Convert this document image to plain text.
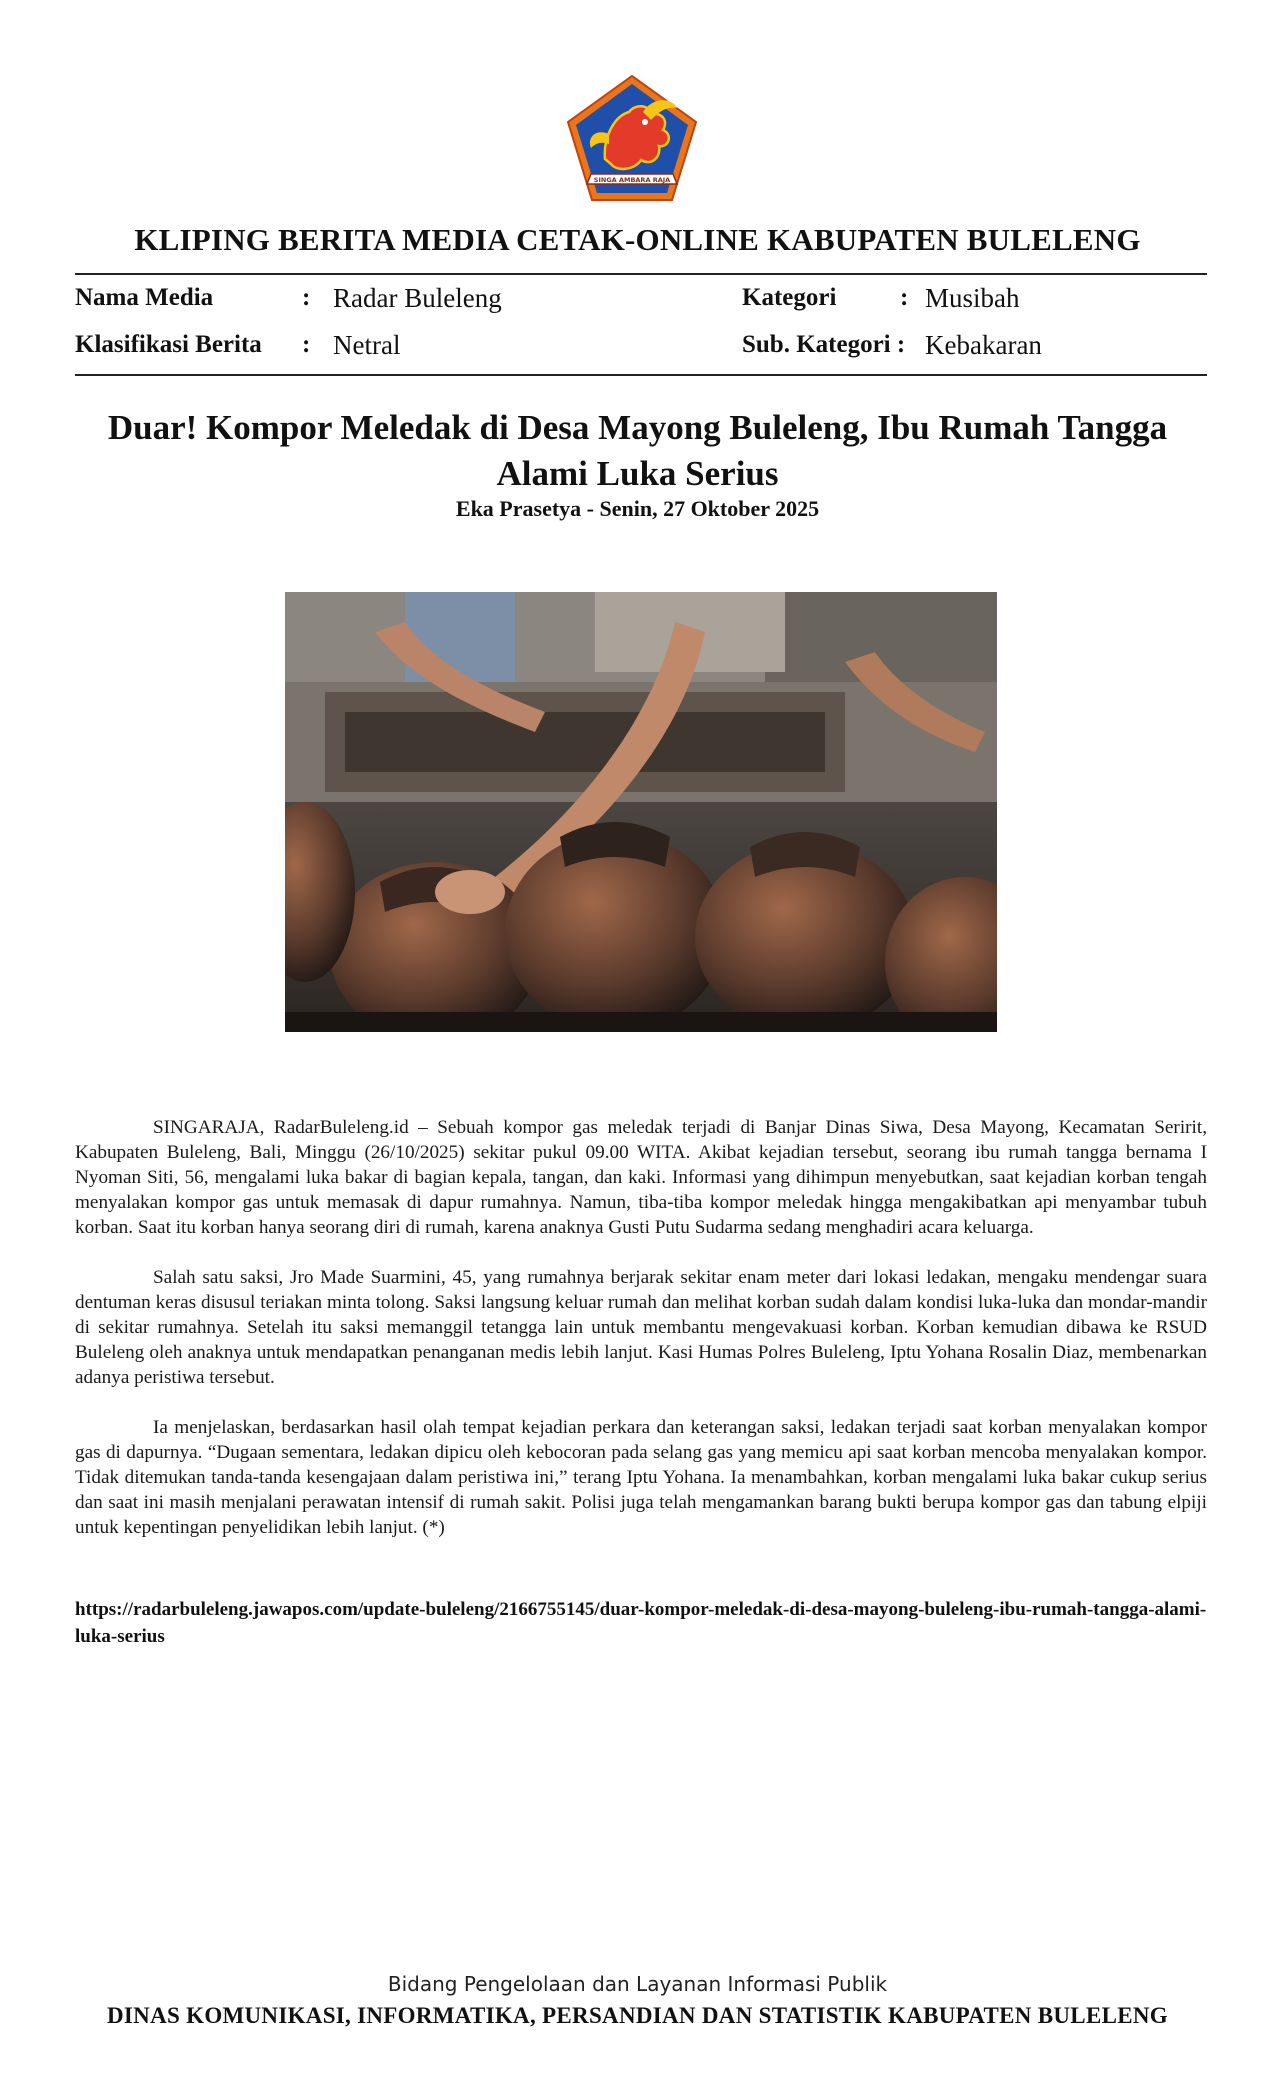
SINGA AMBARA RAJA
KLIPING BERITA MEDIA CETAK-ONLINE KABUPATEN BULELENG
Nama Media	: Radar Buleleng
Klasifikasi Berita : Netral
Kategori	: Musibah
Sub. Kategori : Kebakaran
Duar! Kompor Meledak di Desa Mayong Buleleng, Ibu Rumah Tangga Alami Luka Serius
Eka Prasetya - Senin, 27 Oktober 2025

SINGARAJA, RadarBuleleng.id – Sebuah kompor gas meledak terjadi di Banjar Dinas Siwa, Desa Mayong, Kecamatan Seririt, Kabupaten Buleleng, Bali, Minggu (26/10/2025) sekitar pukul 09.00 WITA. Akibat kejadian tersebut, seorang ibu rumah tangga bernama I Nyoman Siti, 56, mengalami luka bakar di bagian kepala, tangan, dan kaki. Informasi yang dihimpun menyebutkan, saat kejadian korban tengah menyalakan kompor gas untuk memasak di dapur rumahnya. Namun, tiba-tiba kompor meledak hingga mengakibatkan api menyambar tubuh korban. Saat itu korban hanya seorang diri di rumah, karena anaknya Gusti Putu Sudarma sedang menghadiri acara keluarga.

Salah satu saksi, Jro Made Suarmini, 45, yang rumahnya berjarak sekitar enam meter dari lokasi ledakan, mengaku mendengar suara dentuman keras disusul teriakan minta tolong. Saksi langsung keluar rumah dan melihat korban sudah dalam kondisi luka-luka dan mondar-mandir di sekitar rumahnya. Setelah itu saksi memanggil tetangga lain untuk membantu mengevakuasi korban. Korban kemudian dibawa ke RSUD Buleleng oleh anaknya untuk mendapatkan penanganan medis lebih lanjut. Kasi Humas Polres Buleleng, Iptu Yohana Rosalin Diaz, membenarkan adanya peristiwa tersebut.

Ia menjelaskan, berdasarkan hasil olah tempat kejadian perkara dan keterangan saksi, ledakan terjadi saat korban menyalakan kompor gas di dapurnya. “Dugaan sementara, ledakan dipicu oleh kebocoran pada selang gas yang memicu api saat korban mencoba menyalakan kompor. Tidak ditemukan tanda-tanda kesengajaan dalam peristiwa ini,” terang Iptu Yohana. Ia menambahkan, korban mengalami luka bakar cukup serius dan saat ini masih menjalani perawatan intensif di rumah sakit. Polisi juga telah mengamankan barang bukti berupa kompor gas dan tabung elpiji untuk kepentingan penyelidikan lebih lanjut. (*)

https://radarbuleleng.jawapos.com/update-buleleng/2166755145/duar-kompor-meledak-di-desa-mayong-buleleng-ibu-rumah-tangga-alami-luka-serius
Bidang Pengelolaan dan Layanan Informasi Publik
DINAS KOMUNIKASI, INFORMATIKA, PERSANDIAN DAN STATISTIK KABUPATEN BULELENG
